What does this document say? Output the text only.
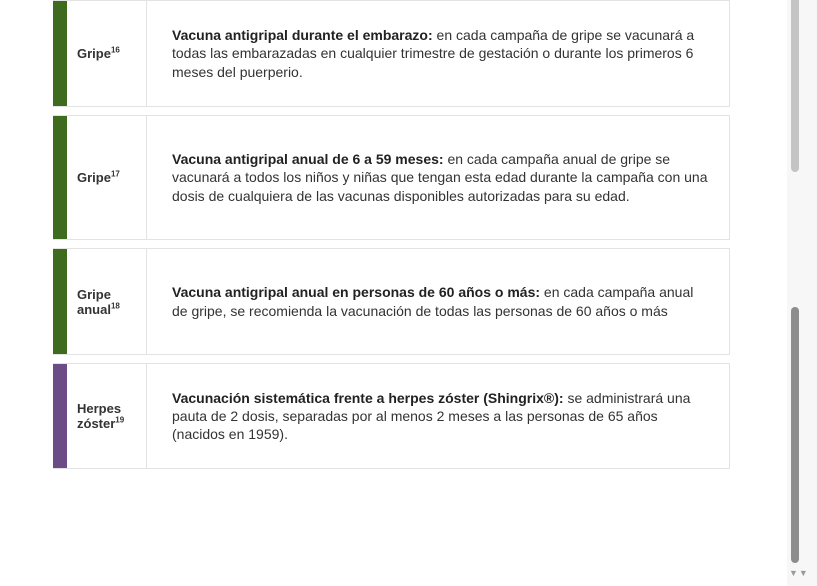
Gripe$^{16}$

Vacuna antigripal durante el embarazo: en cada campaña de gripe se vacunará a todas las embarazadas en cualquier trimestre de gestación o durante los primeros 6 meses del puerperio.

Gripe$^{17}$

Vacuna antigripal anual de 6 a 59 meses: en cada campaña anual de gripe se vacunará a todos los niños y niñas que tengan esta edad durante la campaña con una dosis de cualquiera de las vacunas disponibles autorizadas para su edad.

Gripe
anual$^{18}$

Vacuna antigripal anual en personas de 60 años o más: en cada campaña anual de gripe, se recomienda la vacunación de todas las personas de 60 años o más

Herpes
zóster$^{19}$

Vacunación sistemática frente a herpes zóster (Shingrix®): se administrará una pauta de 2 dosis, separadas por al menos 2 meses a las personas de 65 años (nacidos en 1959).

▼▼
